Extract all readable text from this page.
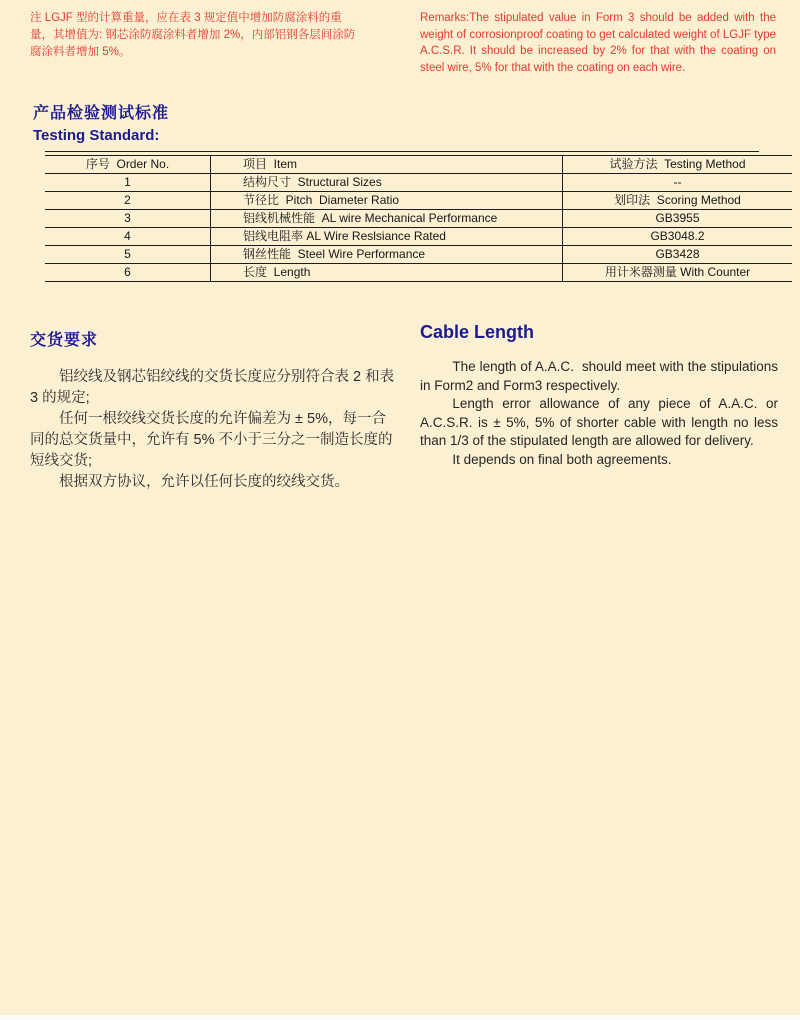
注 LGJF 型的计算重量，应在表 3 规定值中增加防腐涂料的重量，其增值为: 钢芯涂防腐涂料者增加 2%，内部铝钢各层间涂防腐涂料者增加 5%。
Remarks:The stipulated value in Form 3 should be added with the weight of corrosionproof coating to get calculated weight of LGJF type A.C.S.R. It should be increased by 2% for that with the coating on steel wire, 5% for that with the coating on each wire.
产品检验测试标准
Testing Standard:
序号  Order No.	项目  Item	试验方法  Testing Method
1	结构尺寸  Structural Sizes	--
2	节径比  Pitch  Diameter Ratio	划印法  Scoring Method
3	铝线机械性能  AL wire Mechanical Performance	GB3955
4	铝线电阻率 AL Wire Reslsiance Rated	GB3048.2
5	钢丝性能  Steel Wire Performance	GB3428
6	长度  Length	用计米器测量 With Counter
交货要求

铝绞线及钢芯铝绞线的交货长度应分别符合表 2 和表 3 的规定;

任何一根绞线交货长度的允许偏差为 ± 5%，每一合同的总交货量中，允许有 5% 不小于三分之一制造长度的短线交货;

根据双方协议，允许以任何长度的绞线交货。

Cable Length

The length of A.A.C.  should meet with the stipulations in Form2 and Form3 respectively.

Length error allowance of any piece of A.A.C. or A.C.S.R. is ± 5%, 5% of shorter cable with length no less than 1/3 of the stipulated length are allowed for delivery.

It depends on final both agreements.
